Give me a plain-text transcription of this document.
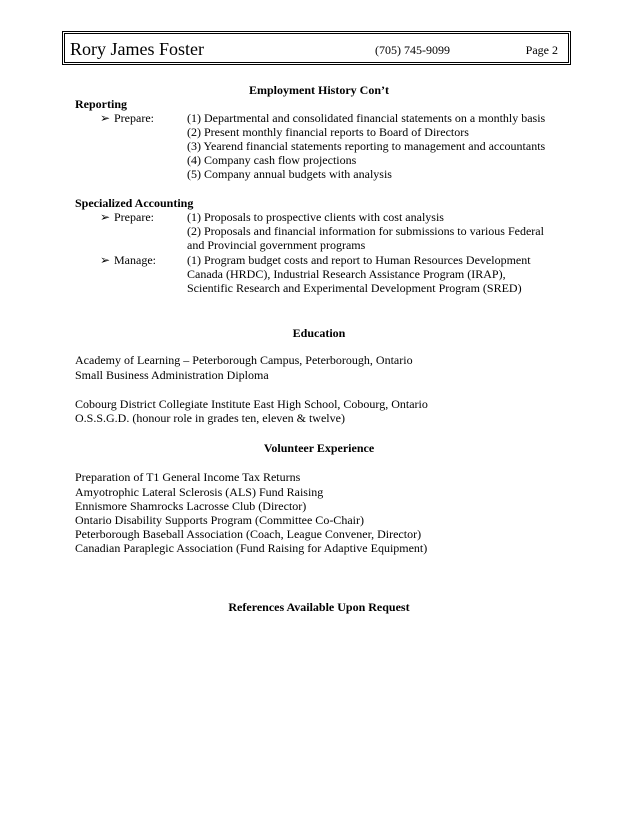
Rory James Foster	(705) 745-9099	Page 2
Employment History Con’t
Reporting
➢ Prepare:	(1) Departmental and consolidated financial statements on a monthly basis
(2) Present monthly financial reports to Board of Directors
(3) Yearend financial statements reporting to management and accountants
(4) Company cash flow projections
(5) Company annual budgets with analysis
Specialized Accounting
➢ Prepare:	(1) Proposals to prospective clients with cost analysis
(2) Proposals and financial information for submissions to various Federal
and Provincial government programs
➢ Manage:	(1) Program budget costs and report to Human Resources Development
Canada (HRDC), Industrial Research Assistance Program (IRAP),
Scientific Research and Experimental Development Program (SRED)
Education
Academy of Learning – Peterborough Campus, Peterborough, Ontario
Small Business Administration Diploma
Cobourg District Collegiate Institute East High School, Cobourg, Ontario
O.S.S.G.D. (honour role in grades ten, eleven & twelve)
Volunteer Experience
Preparation of T1 General Income Tax Returns
Amyotrophic Lateral Sclerosis (ALS) Fund Raising
Ennismore Shamrocks Lacrosse Club (Director)
Ontario Disability Supports Program (Committee Co-Chair)
Peterborough Baseball Association (Coach, League Convener, Director)
Canadian Paraplegic Association (Fund Raising for Adaptive Equipment)
References Available Upon Request
